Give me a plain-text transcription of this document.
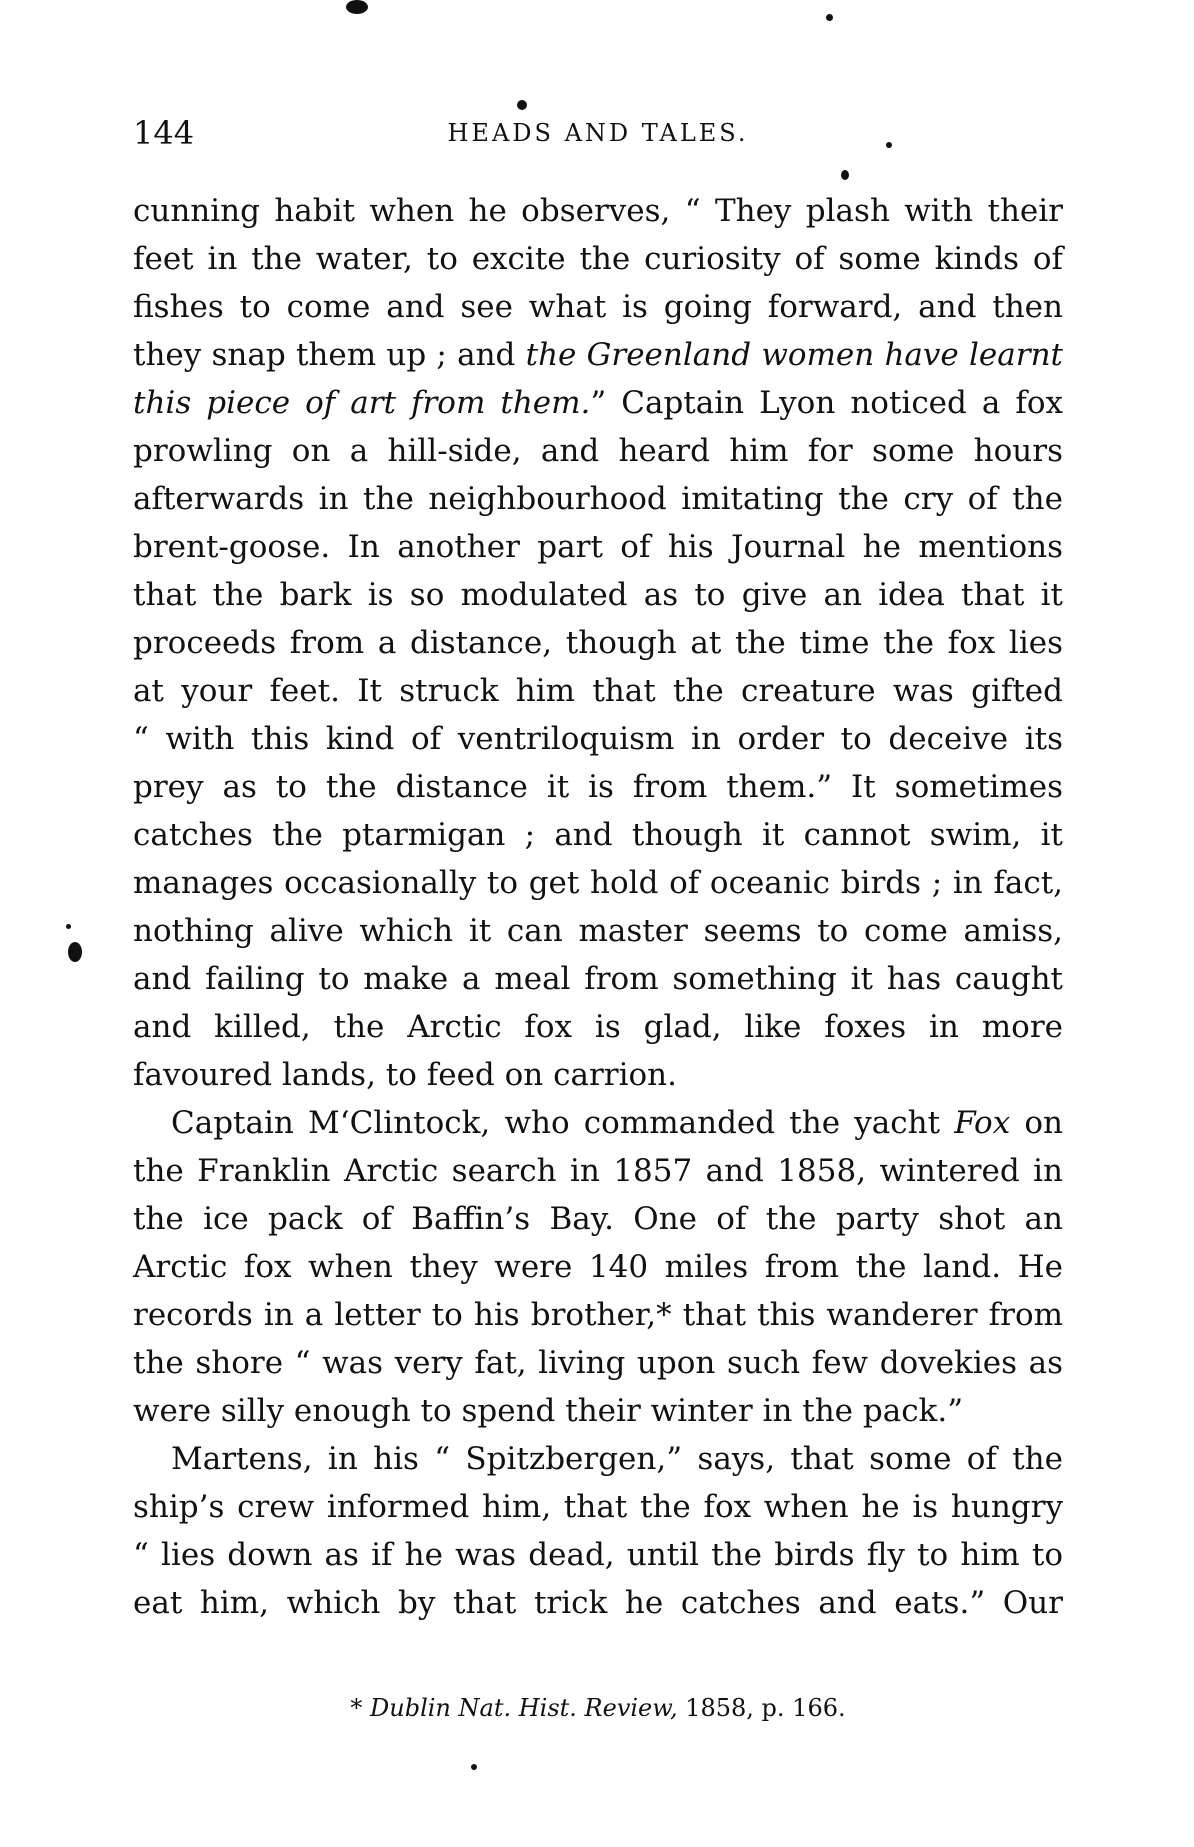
144	HEADS AND TALES.
cunning habit when he observes, “ They plash with their
feet in the water, to excite the curiosity of some kinds of
fishes to come and see what is going forward, and then
they snap them up ; and the Greenland women have learnt
this piece of art from them.” Captain Lyon noticed a fox
prowling on a hill-side, and heard him for some hours
afterwards in the neighbourhood imitating the cry of the
brent-goose. In another part of his Journal he mentions
that the bark is so modulated as to give an idea that it
proceeds from a distance, though at the time the fox lies
at your feet. It struck him that the creature was gifted
“ with this kind of ventriloquism in order to deceive its
prey as to the distance it is from them.” It sometimes
catches the ptarmigan ; and though it cannot swim, it
manages occasionally to get hold of oceanic birds ; in fact,
nothing alive which it can master seems to come amiss,
and failing to make a meal from something it has caught
and killed, the Arctic fox is glad, like foxes in more
favoured lands, to feed on carrion.
Captain M‘Clintock, who commanded the yacht Fox on
the Franklin Arctic search in 1857 and 1858, wintered in
the ice pack of Baffin’s Bay. One of the party shot an
Arctic fox when they were 140 miles from the land. He
records in a letter to his brother,* that this wanderer from
the shore “ was very fat, living upon such few dovekies as
were silly enough to spend their winter in the pack.”
Martens, in his “ Spitzbergen,” says, that some of the
ship’s crew informed him, that the fox when he is hungry
“ lies down as if he was dead, until the birds fly to him to
eat him, which by that trick he catches and eats.” Our
* Dublin Nat. Hist. Review, 1858, p. 166.
